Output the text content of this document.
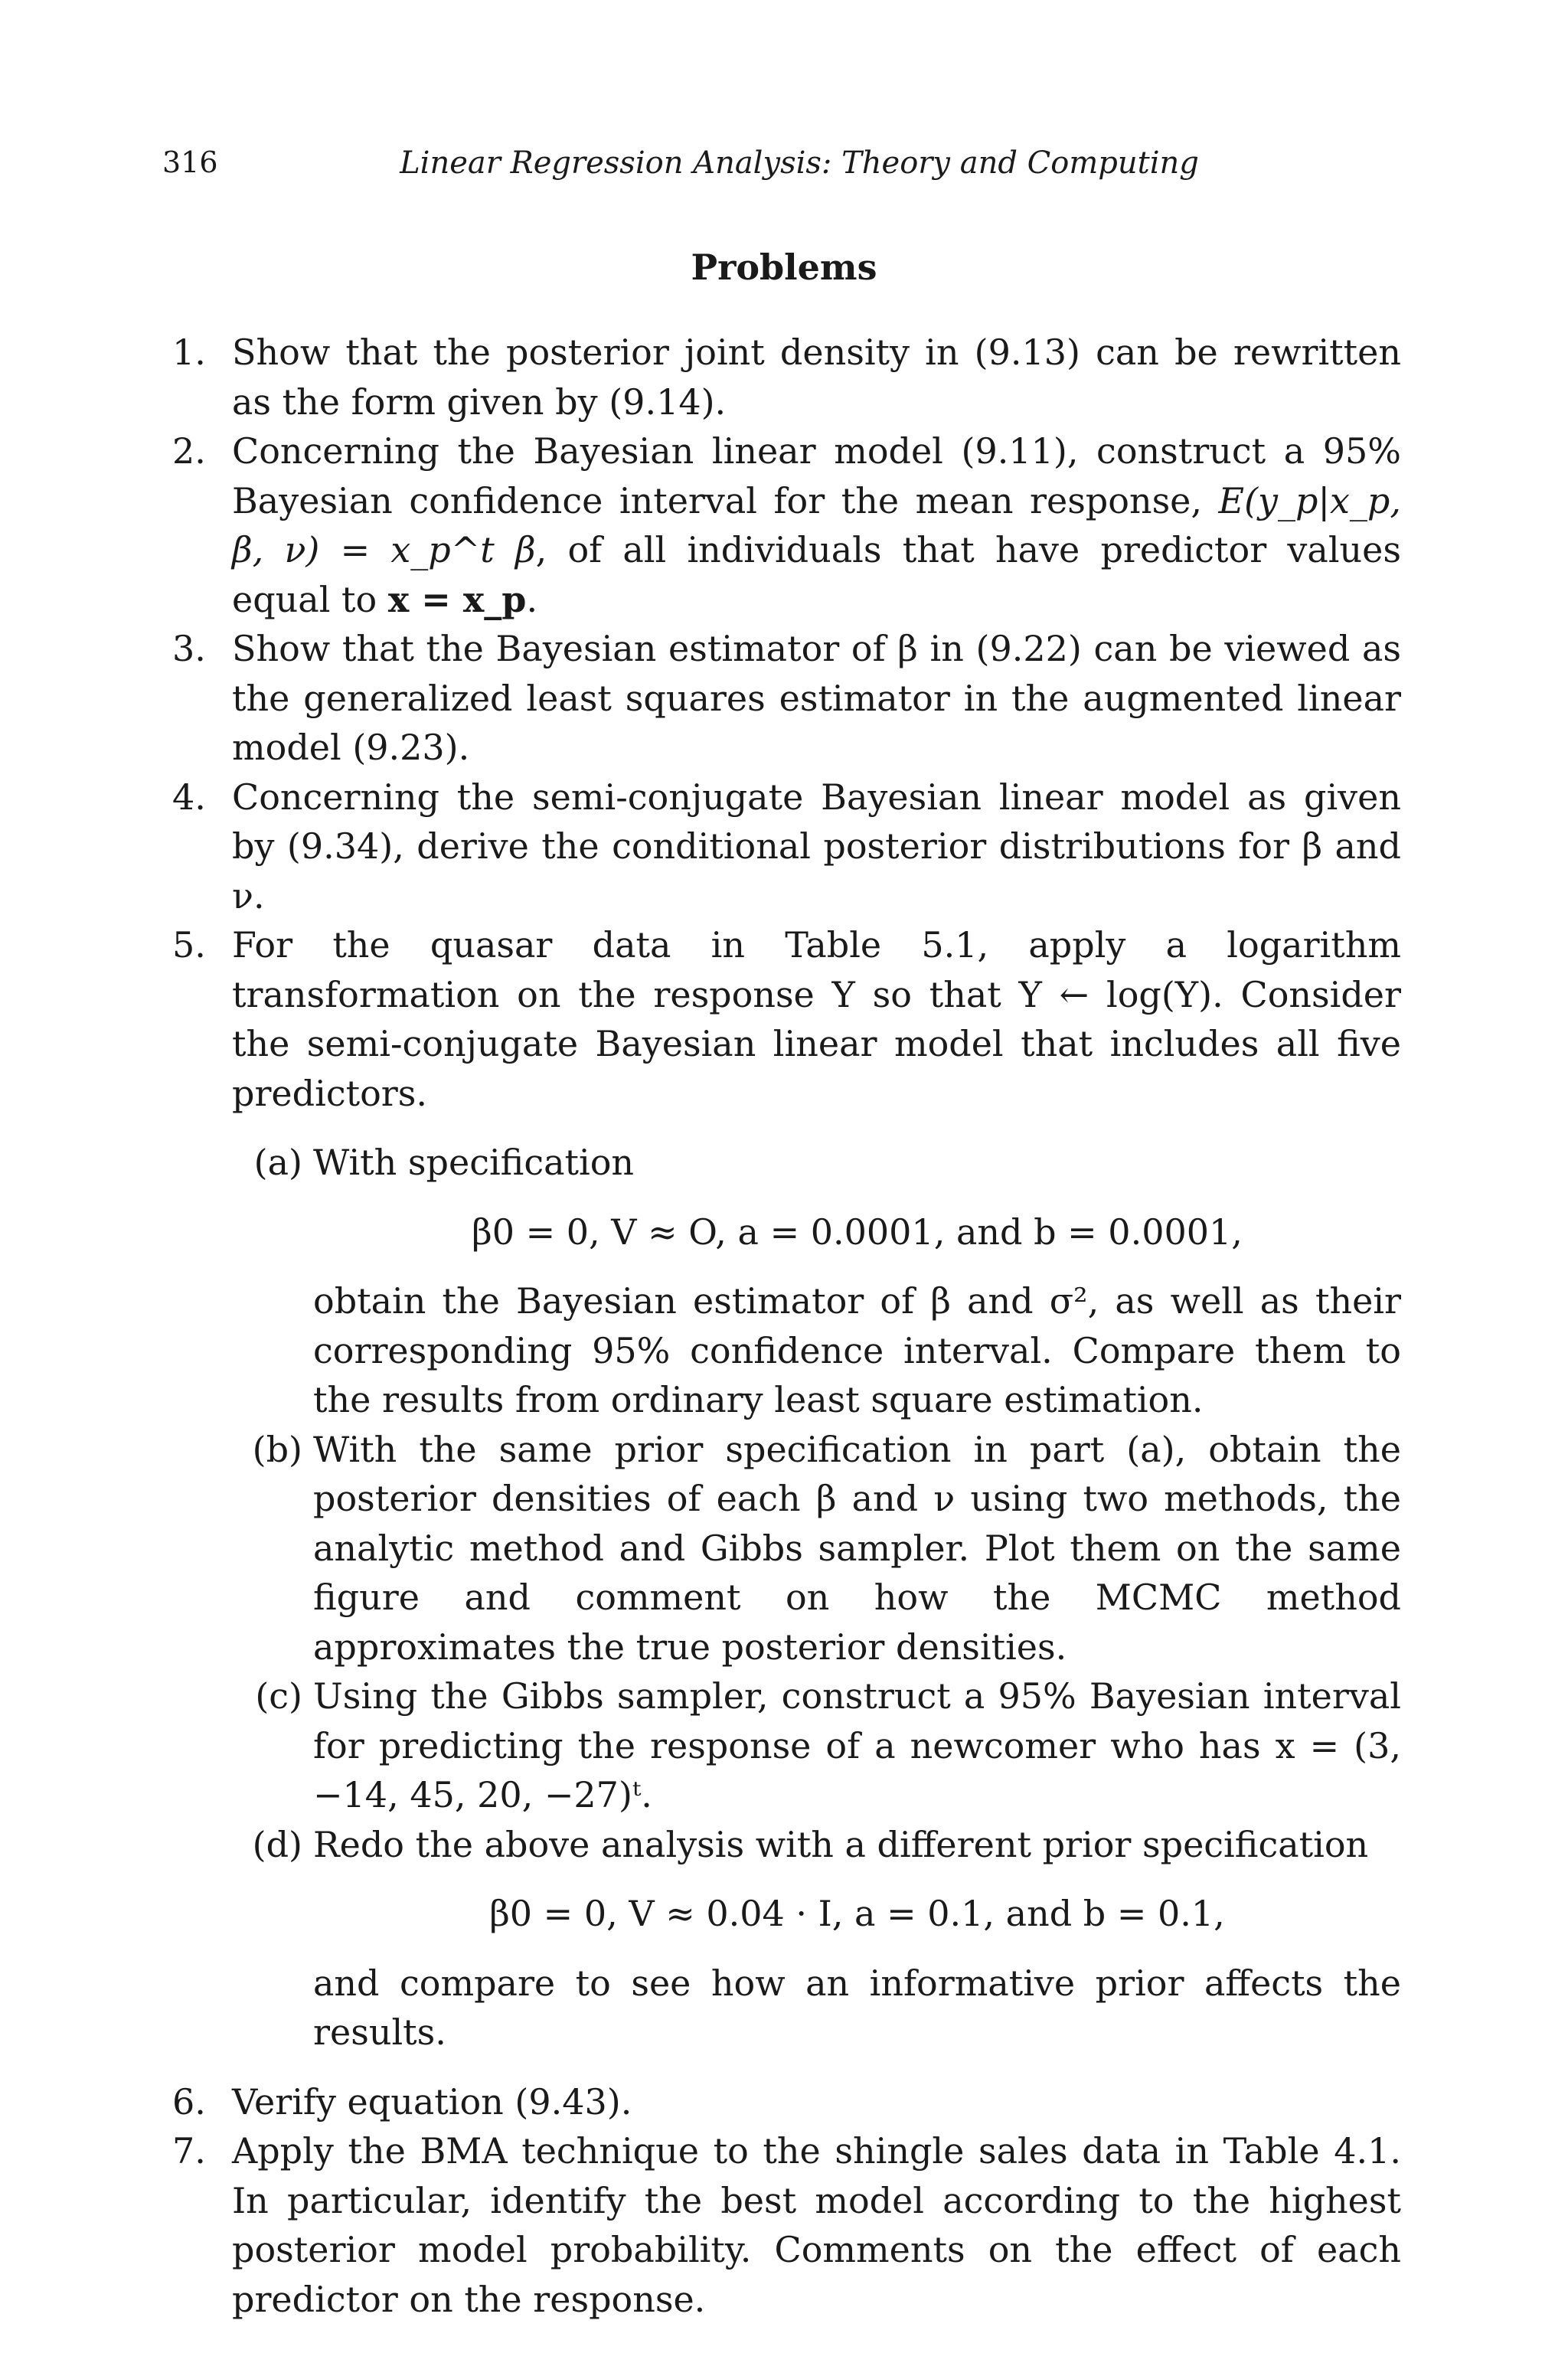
316	Linear Regression Analysis: Theory and Computing
Problems
1. Show that the posterior joint density in (9.13) can be rewritten as the form given by (9.14).
2. Concerning the Bayesian linear model (9.11), construct a 95% Bayesian confidence interval for the mean response, E(y_p|x_p, β, ν) = x_p^t β, of all individuals that have predictor values equal to x = x_p.
3. Show that the Bayesian estimator of β in (9.22) can be viewed as the generalized least squares estimator in the augmented linear model (9.23).
4. Concerning the semi-conjugate Bayesian linear model as given by (9.34), derive the conditional posterior distributions for β and ν.
5. For the quasar data in Table 5.1, apply a logarithm transformation on the response Y so that Y ← log(Y). Consider the semi-conjugate Bayesian linear model that includes all five predictors.
(a) With specification
β0 = 0, V ≈ O, a = 0.0001, and b = 0.0001,
obtain the Bayesian estimator of β and σ², as well as their corresponding 95% confidence interval. Compare them to the results from ordinary least square estimation.
(b) With the same prior specification in part (a), obtain the posterior densities of each β and ν using two methods, the analytic method and Gibbs sampler. Plot them on the same figure and comment on how the MCMC method approximates the true posterior densities.
(c) Using the Gibbs sampler, construct a 95% Bayesian interval for predicting the response of a newcomer who has x = (3, −14, 45, 20, −27)ᵗ.
(d) Redo the above analysis with a different prior specification
β0 = 0, V ≈ 0.04 · I, a = 0.1, and b = 0.1,
and compare to see how an informative prior affects the results.
6. Verify equation (9.43).
7. Apply the BMA technique to the shingle sales data in Table 4.1. In particular, identify the best model according to the highest posterior model probability. Comments on the effect of each predictor on the response.
